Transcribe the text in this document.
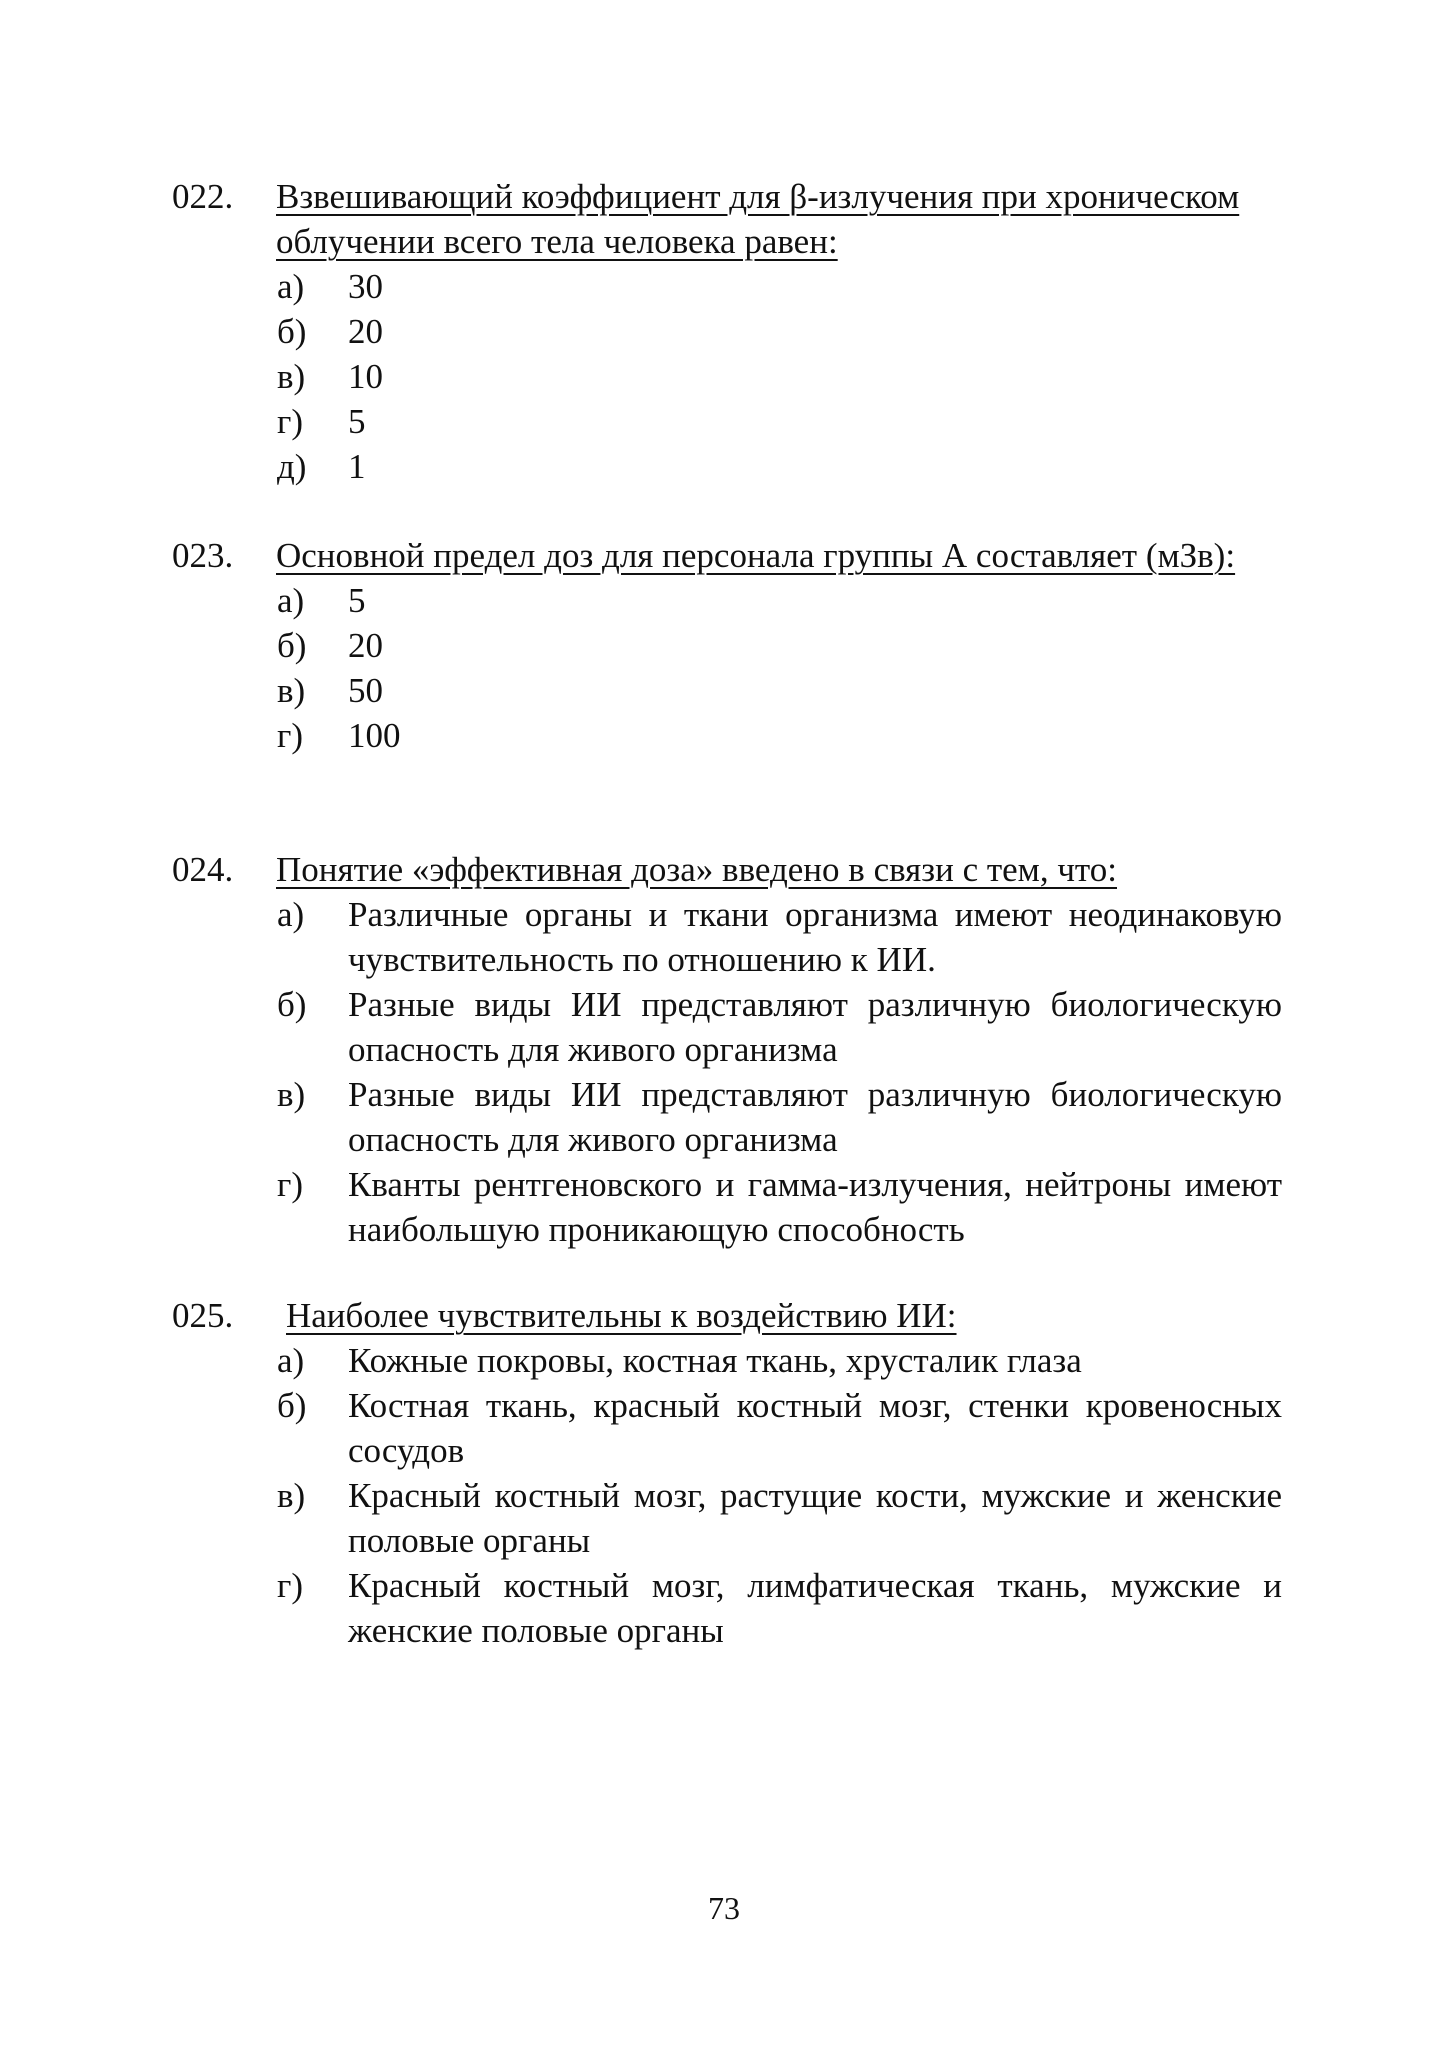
022. Взвешивающий коэффициент для β-излучения при хроническом облучении всего тела человека равен:
а) 30
б) 20
в) 10
г) 5
д) 1
023. Основной предел доз для персонала группы А составляет (мЗв):
а) 5
б) 20
в) 50
г) 100
024. Понятие «эффективная доза» введено в связи с тем, что:
а) Различные органы и ткани организма имеют неодинаковую чувствительность по отношению к ИИ.
б) Разные виды ИИ представляют различную биологическую опасность для живого организма
в) Разные виды ИИ представляют различную биологическую опасность для живого организма
г) Кванты рентгеновского и гамма-излучения, нейтроны имеют наибольшую проникающую способность
025. Наиболее чувствительны к воздействию ИИ:
а) Кожные покровы, костная ткань, хрусталик глаза
б) Костная ткань, красный костный мозг, стенки кровеносных сосудов
в) Красный костный мозг, растущие кости, мужские и женские половые органы
г) Красный костный мозг, лимфатическая ткань, мужские и женские половые органы
73
